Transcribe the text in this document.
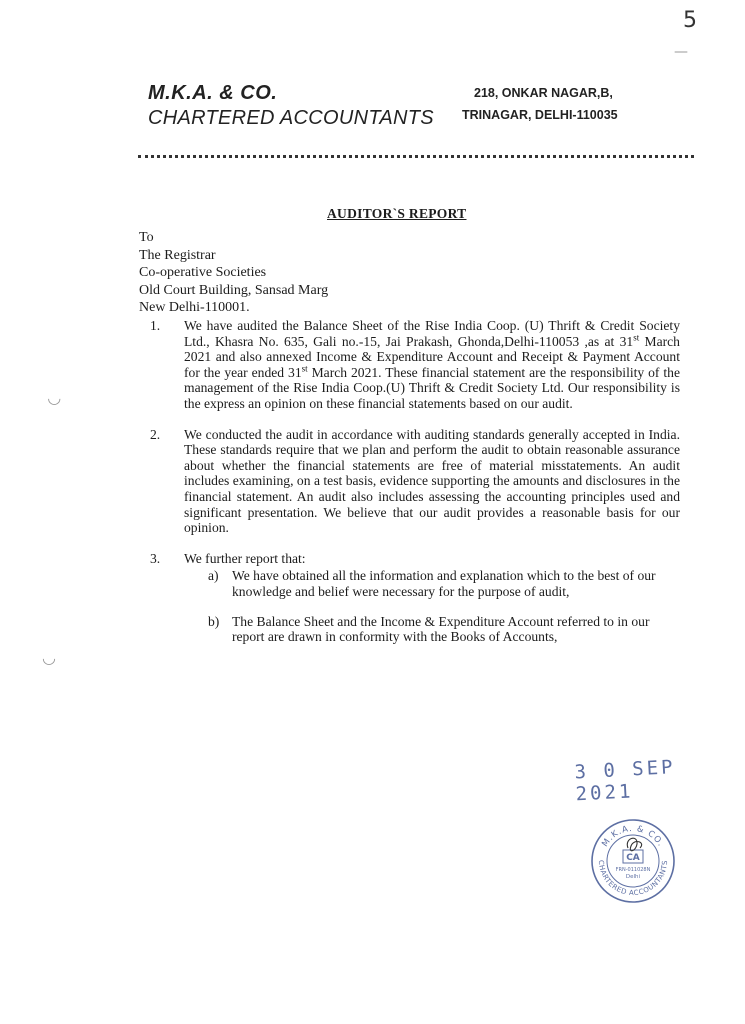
5
M.K.A. & CO.
CHARTERED ACCOUNTANTS
218, ONKAR NAGAR,B,
TRINAGAR, DELHI-110035
AUDITOR`S REPORT
To
The Registrar
Co-operative Societies
Old Court Building, Sansad Marg
New Delhi-110001.
1.	We have audited the Balance Sheet of the Rise India Coop. (U) Thrift & Credit Society Ltd., Khasra No. 635, Gali no.-15, Jai Prakash, Ghonda,Delhi-110053 ,as at 31st March 2021 and also annexed Income & Expenditure Account and Receipt & Payment Account for the year ended 31st March 2021. These financial statement are the responsibility of the management of the Rise India Coop.(U) Thrift & Credit Society Ltd. Our responsibility is the express an opinion on these financial statements based on our audit.
2.	We conducted the audit in accordance with auditing standards generally accepted in India. These standards require that we plan and perform the audit to obtain reasonable assurance about whether the financial statements are free of material misstatements. An audit includes examining, on a test basis, evidence supporting the amounts and disclosures in the financial statement. An audit also includes assessing the accounting principles used and significant presentation. We believe that our audit provides a reasonable basis for our opinion.
3.	We further report that:
a) We have obtained all the information and explanation which to the best of our knowledge and belief were necessary for the purpose of audit,
b) The Balance Sheet and the Income & Expenditure Account referred to in our report are drawn in conformity with the Books of Accounts,
3 0 SEP 2021
M.K.A. & CO.
CHARTERED ACCOUNTANTS
CA
FRN-011028N
Delhi
—
 ◡
◡
